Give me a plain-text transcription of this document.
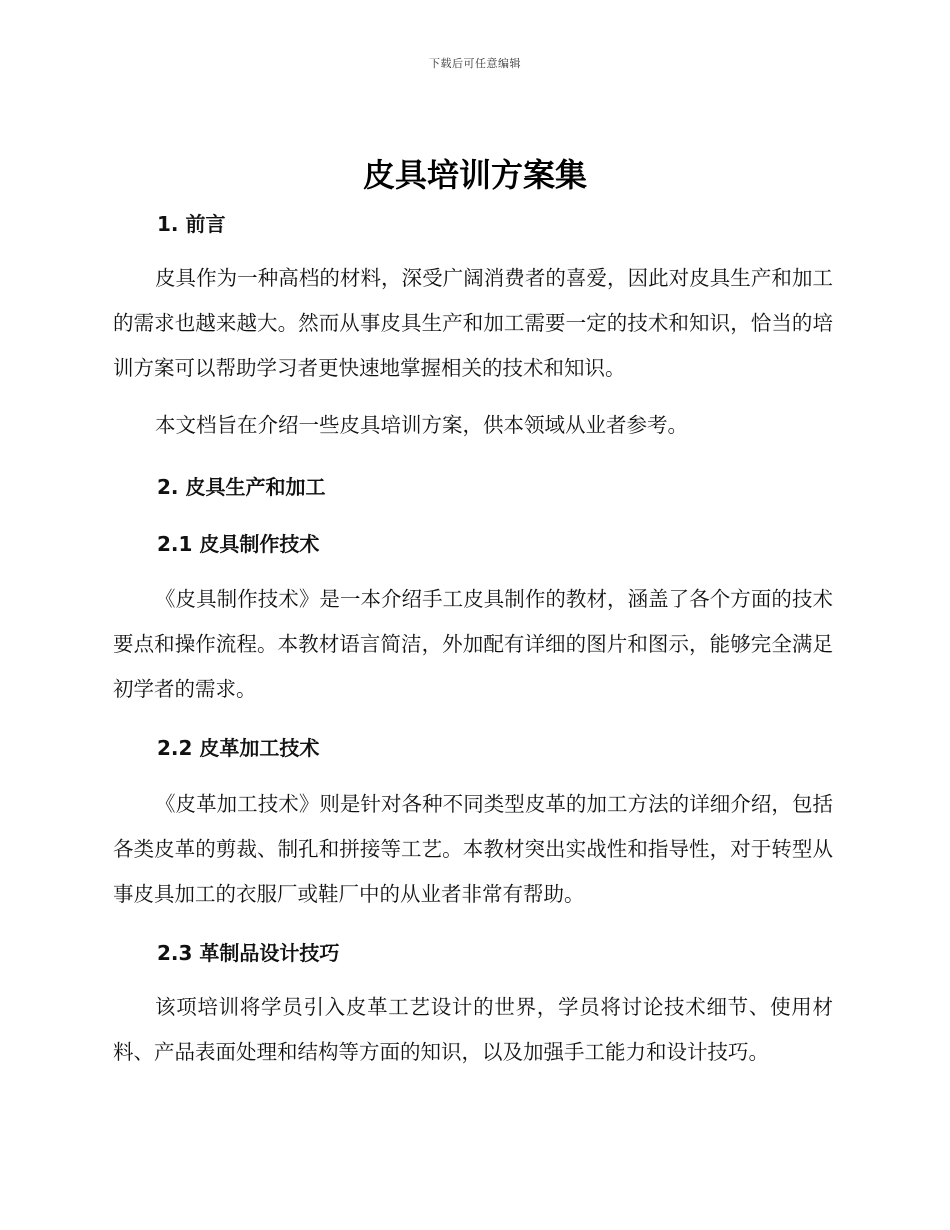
下载后可任意编辑
皮具培训方案集
1. 前言

皮具作为一种高档的材料，深受广阔消费者的喜爱，因此对皮具生产和加工的需求也越来越大。然而从事皮具生产和加工需要一定的技术和知识，恰当的培训方案可以帮助学习者更快速地掌握相关的技术和知识。

本文档旨在介绍一些皮具培训方案，供本领域从业者参考。

2. 皮具生产和加工
2.1 皮具制作技术

《皮具制作技术》是一本介绍手工皮具制作的教材，涵盖了各个方面的技术要点和操作流程。本教材语言简洁，外加配有详细的图片和图示，能够完全满足初学者的需求。

2.2 皮革加工技术

《皮革加工技术》则是针对各种不同类型皮革的加工方法的详细介绍，包括各类皮革的剪裁、制孔和拼接等工艺。本教材突出实战性和指导性，对于转型从事皮具加工的衣服厂或鞋厂中的从业者非常有帮助。

2.3 革制品设计技巧

该项培训将学员引入皮革工艺设计的世界，学员将讨论技术细节、使用材料、产品表面处理和结构等方面的知识，以及加强手工能力和设计技巧。
